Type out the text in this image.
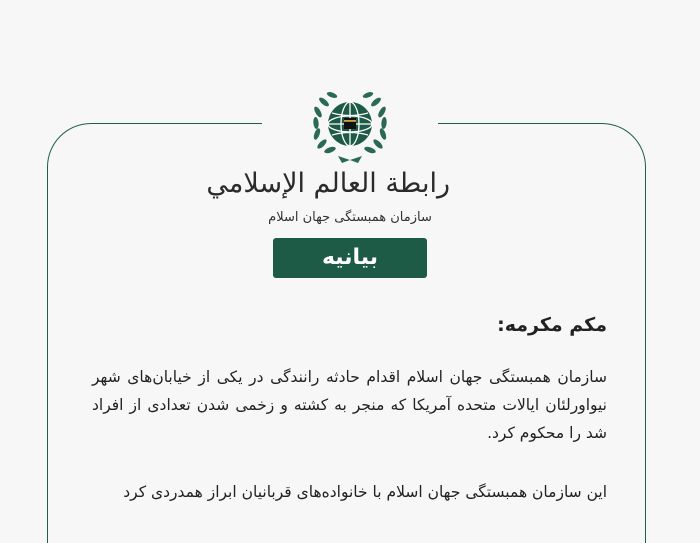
رابطة العالم الإسلامي
سازمان همبستگی جهان اسلام
بیانیه
مکم مکرمه:
سازمان همبستگی جهان اسلام اقدام حادثه رانندگی در یکی از خیابان‌های شهر
نیواورلئان ایالات متحده آمریکا که منجر به کشته و زخمی شدن تعدادی از افراد
شد را محکوم کرد.
این سازمان همبستگی جهان اسلام با خانواده‌های قربانیان ابراز همدردی کرد
